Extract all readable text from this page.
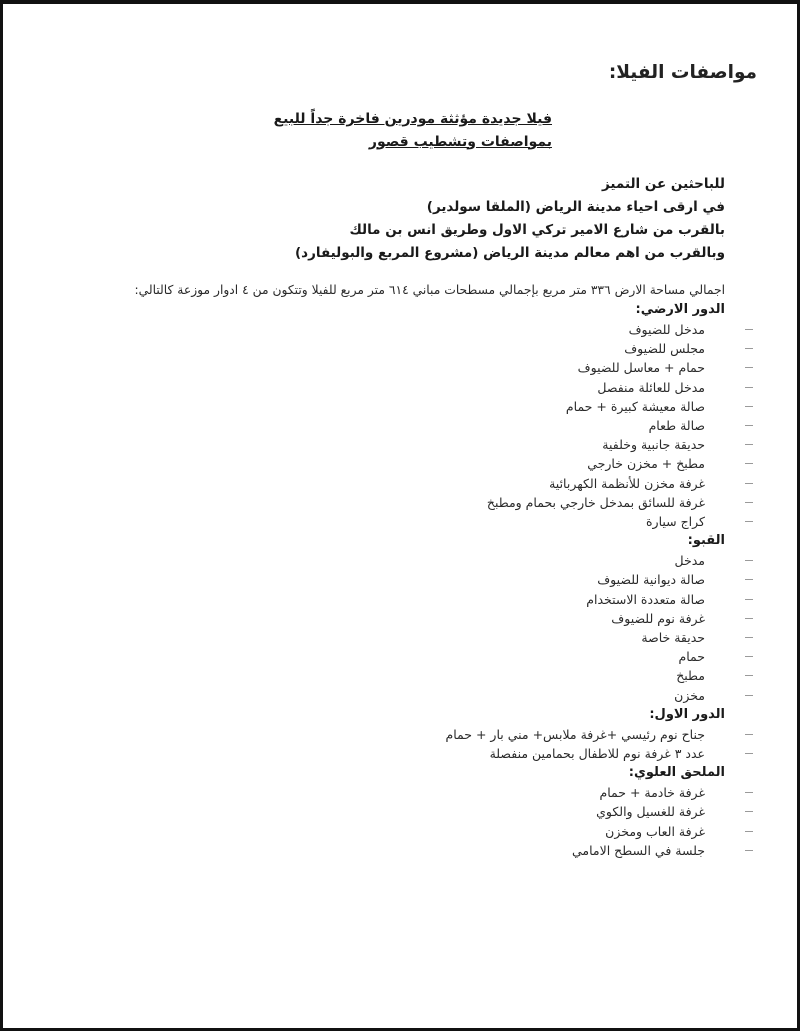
مواصفات الفيلا:
فيلا جديدة مؤثثة مودرين فاخرة جداً للبيع
بمواصفات وتشطيب قصور
للباحثين عن التميز
في ارقى احياء مدينة الرياض (الملقا سولدير)
بالقرب من شارع الامير تركي الاول وطريق انس بن مالك
وبالقرب من اهم معالم مدينة الرياض (مشروع المربع والبوليفارد)

اجمالي مساحة الارض ٣٣٦ متر مربع بإجمالي مسطحات مباني ٦١٤ متر مربع للفيلا وتتكون من ٤ ادوار موزعة كالتالي:

الدور الارضي:
مدخل للضيوف
مجلس للضيوف
حمام + معاسل للضيوف
مدخل للعائلة منفصل
صالة معيشة كبيرة + حمام
صالة طعام
حديقة جانبية وخلفية
مطبخ + مخزن خارجي
غرفة مخزن للأنظمة الكهربائية
غرفة للسائق بمدخل خارجي بحمام ومطبخ
كراج سيارة
القبو:
مدخل
صالة ديوانية للضيوف
صالة متعددة الاستخدام
غرفة نوم للضيوف
حديقة خاصة
حمام
مطبخ
مخزن
الدور الاول:
جناح نوم رئيسي +غرفة ملابس+ مني بار + حمام
عدد ٣ غرفة نوم للاطفال بحمامين منفصلة
الملحق العلوي:
غرفة خادمة + حمام
غرفة للغسيل والكوي
غرفة العاب ومخزن
جلسة في السطح الامامي
